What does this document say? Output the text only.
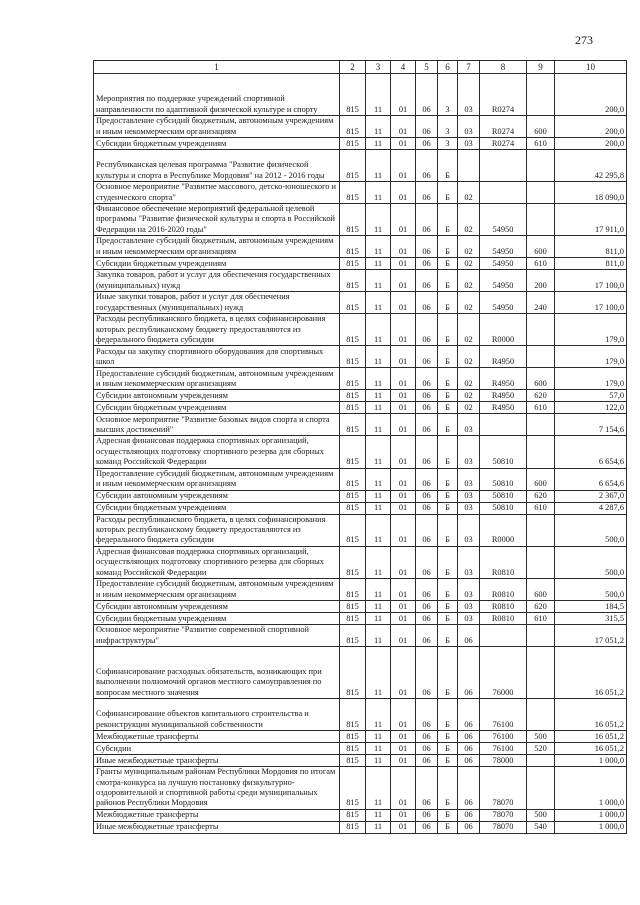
273
1	2	3	4	5	6	7	8	9	10
Мероприятия по поддержке учреждений спортивной направленности по адаптивной физической культуре и спорту	815	11	01	06	3	03	R0274		200,0
Предоставление субсидий бюджетным, автономным учреждениям и иным некоммерческим организациям	815	11	01	06	3	03	R0274	600	200,0
Субсидии бюджетным учреждениям	815	11	01	06	3	03	R0274	610	200,0
Республиканская целевая программа "Развитие физической культуры и спорта в Республике Мордовия" на 2012 - 2016 годы	815	11	01	06	Б				42 295,8
Основное мероприятие "Развитие массового, детско-юношеского и студенческого спорта"	815	11	01	06	Б	02			18 090,0
Финансовое обеспечение мероприятий федеральной целевой программы "Развитие физической культуры и спорта в Российской Федерации на 2016-2020 годы"	815	11	01	06	Б	02	54950		17 911,0
Предоставление субсидий бюджетным, автономным учреждениям и иным некоммерческим организациям	815	11	01	06	Б	02	54950	600	811,0
Субсидии бюджетным учреждениям	815	11	01	06	Б	02	54950	610	811,0
Закупка товаров, работ и услуг для обеспечения государственных (муниципальных) нужд	815	11	01	06	Б	02	54950	200	17 100,0
Иные закупки товаров, работ и услуг для обеспечения государственных (муниципальных) нужд	815	11	01	06	Б	02	54950	240	17 100,0
Расходы республиканского бюджета, в целях софинансирования которых республиканскому бюджету предоставляются из федерального бюджета субсидии	815	11	01	06	Б	02	R0000		179,0
Расходы на закупку спортивного оборудования для спортивных школ	815	11	01	06	Б	02	R4950		179,0
Предоставление субсидий бюджетным, автономным учреждениям и иным некоммерческим организациям	815	11	01	06	Б	02	R4950	600	179,0
Субсидии автономным учреждениям	815	11	01	06	Б	02	R4950	620	57,0
Субсидии бюджетным учреждениям	815	11	01	06	Б	02	R4950	610	122,0
Основное мероприятие "Развитие базовых видов спорта и спорта высших достижений"	815	11	01	06	Б	03			7 154,6
Адресная финансовая поддержка спортивных организаций, осуществляющих подготовку спортивного резерва для сборных команд Российской Федерации	815	11	01	06	Б	03	50810		6 654,6
Предоставление субсидий бюджетным, автономным учреждениям и иным некоммерческим организациям	815	11	01	06	Б	03	50810	600	6 654,6
Субсидии автономным учреждениям	815	11	01	06	Б	03	50810	620	2 367,0
Субсидии бюджетным учреждениям	815	11	01	06	Б	03	50810	610	4 287,6
Расходы республиканского бюджета, в целях софинансирования которых республиканскому бюджету предоставляются из федерального бюджета субсидии	815	11	01	06	Б	03	R0000		500,0
Адресная финансовая поддержка спортивных организаций, осуществляющих подготовку спортивного резерва для сборных команд Российской Федерации	815	11	01	06	Б	03	R0810		500,0
Предоставление субсидий бюджетным, автономным учреждениям и иным некоммерческим организациям	815	11	01	06	Б	03	R0810	600	500,0
Субсидии автономным учреждениям	815	11	01	06	Б	03	R0810	620	184,5
Субсидии бюджетным учреждениям	815	11	01	06	Б	03	R0810	610	315,5
Основное мероприятие "Развитие современной спортивной инфраструктуры"	815	11	01	06	Б	06			17 051,2
Софинансирование расходных обязательств, возникающих при выполнении полномочий органов местного самоуправления по вопросам местного значения	815	11	01	06	Б	06	76000		16 051,2
Софинансирование объектов капитального строительства и реконструкции муниципальной собственности	815	11	01	06	Б	06	76100		16 051,2
Межбюджетные трансферты	815	11	01	06	Б	06	76100	500	16 051,2
Субсидии	815	11	01	06	Б	06	76100	520	16 051,2
Иные межбюджетные трансферты	815	11	01	06	Б	06	78000		1 000,0
Гранты муниципальным районам Республики Мордовия по итогам смотра-конкурса на лучшую постановку физкультурно-оздоровительной и спортивной работы среди муниципальных районов Республики Мордовия	815	11	01	06	Б	06	78070		1 000,0
Межбюджетные трансферты	815	11	01	06	Б	06	78070	500	1 000,0
Иные межбюджетные трансферты	815	11	01	06	Б	06	78070	540	1 000,0
